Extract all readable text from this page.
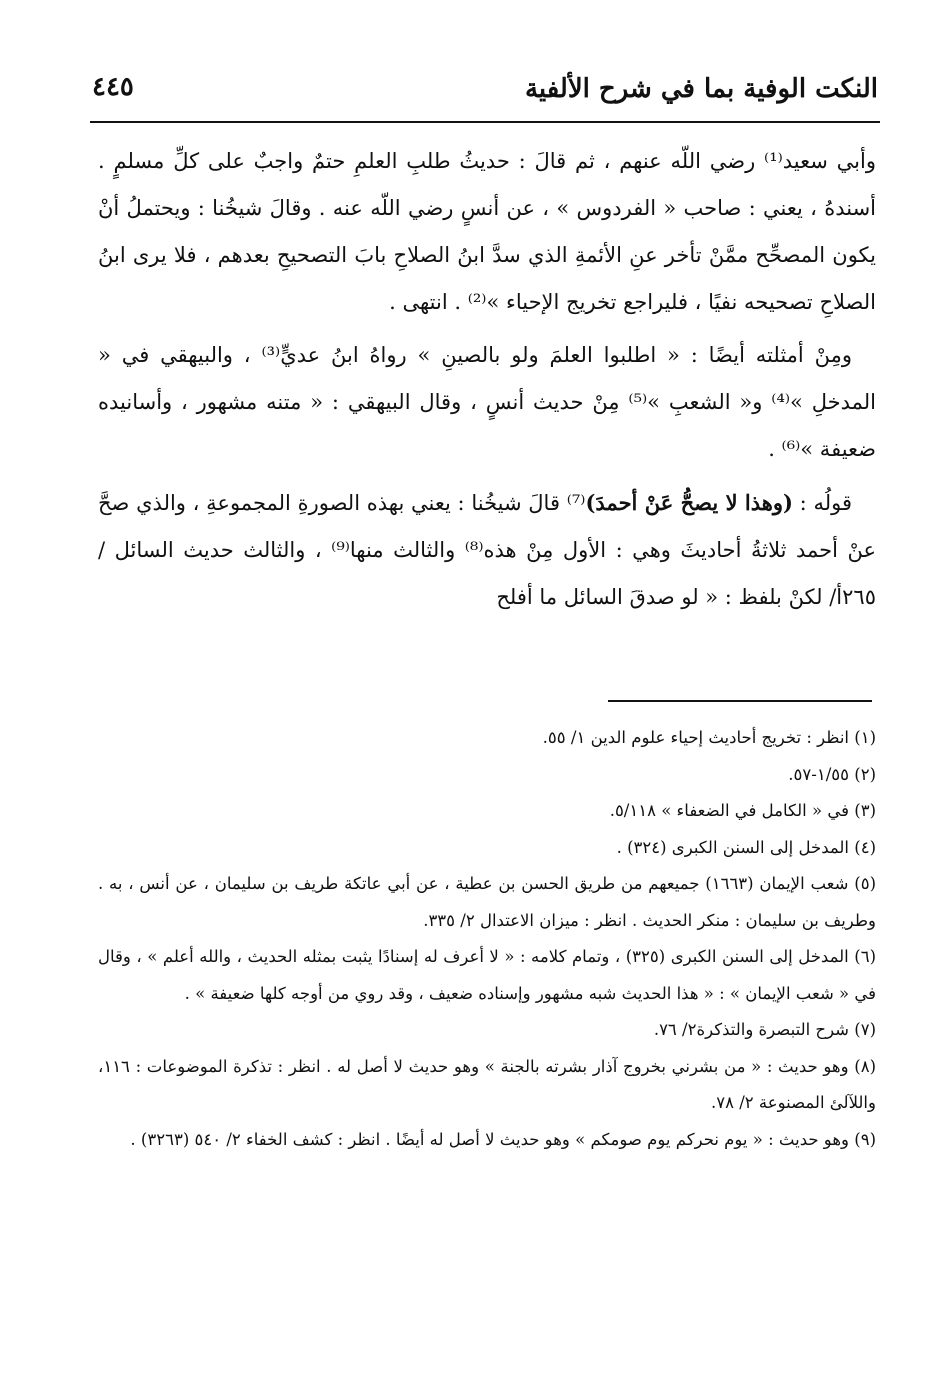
النكت الوفية بما في شرح الألفية
٤٤٥

وأبي سعيد⁽¹⁾ رضي اللّه عنهم ، ثم قالَ : حديثُ طلبِ العلمِ حتمٌ واجبٌ على كلِّ مسلمٍ . أسندهُ ، يعني : صاحب « الفردوس » ، عن أنسٍ رضي اللّه عنه . وقالَ شيخُنا : ويحتملُ أنْ يكون المصحِّح ممَّنْ تأخر عنِ الأئمةِ الذي سدَّ ابنُ الصلاحِ بابَ التصحيحِ بعدهم ، فلا يرى ابنُ الصلاحِ تصحيحه نفيًا ، فليراجع تخريج الإحياء »⁽²⁾ . انتهى .

ومِنْ أمثلته أيضًا : « اطلبوا العلمَ ولو بالصينِ » رواهُ ابنُ عديٍّ⁽³⁾ ، والبيهقي في « المدخلِ »⁽⁴⁾ و« الشعبِ »⁽⁵⁾ مِنْ حديث أنسٍ ، وقال البيهقي : « متنه مشهور ، وأسانيده ضعيفة »⁽⁶⁾ .

قولُه : (وهذا لا يصحُّ عَنْ أحمدَ)⁽⁷⁾ قالَ شيخُنا : يعني بهذه الصورةِ المجموعةِ ، والذي صحَّ عنْ أحمد ثلاثةُ أحاديثَ وهي : الأول مِنْ هذه⁽⁸⁾ والثالث منها⁽⁹⁾ ، والثالث حديث السائل /٢٦٥أ/ لكنْ بلفظ : « لو صدقَ السائل ما أفلح

(١) انظر : تخريج أحاديث إحياء علوم الدين ١/ ٥٥.

(٢) ١/٥٥-٥٧.

(٣) في « الكامل في الضعفاء » ٥/١١٨.

(٤) المدخل إلى السنن الكبرى (٣٢٤) .

(٥) شعب الإيمان (١٦٦٣) جميعهم من طريق الحسن بن عطية ، عن أبي عاتكة طريف بن سليمان ، عن أنس ، به . وطريف بن سليمان : منكر الحديث . انظر : ميزان الاعتدال ٢/ ٣٣٥.

(٦) المدخل إلى السنن الكبرى (٣٢٥) ، وتمام كلامه : « لا أعرف له إسنادًا يثبت بمثله الحديث ، والله أعلم » ، وقال في « شعب الإيمان » : « هذا الحديث شبه مشهور وإسناده ضعيف ، وقد روي من أوجه كلها ضعيفة » .

(٧) شرح التبصرة والتذكرة٢/ ٧٦.

(٨) وهو حديث : « من بشرني بخروج آذار بشرته بالجنة » وهو حديث لا أصل له . انظر : تذكرة الموضوعات : ١١٦، واللآلئ المصنوعة ٢/ ٧٨.

(٩) وهو حديث : « يوم نحركم يوم صومكم » وهو حديث لا أصل له أيضًا . انظر : كشف الخفاء ٢/ ٥٤٠ (٣٢٦٣) .
